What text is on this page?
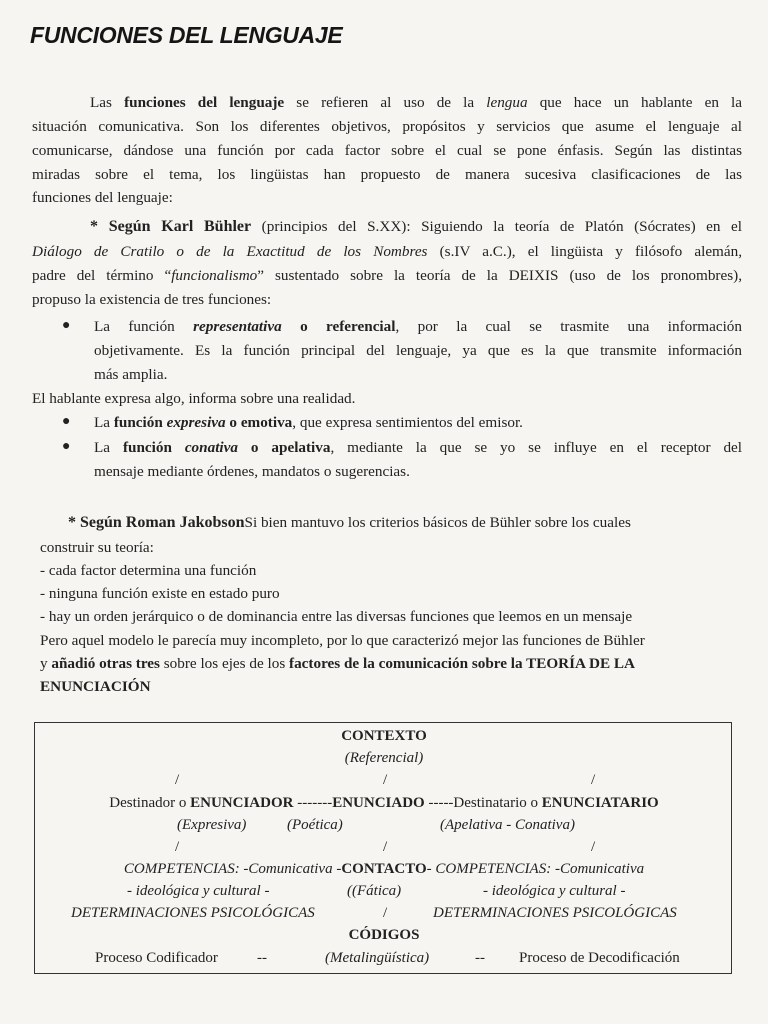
FUNCIONES DEL LENGUAJE
Las funciones del lenguaje se refieren al uso de la lengua que hace un hablante en la
situación comunicativa. Son los diferentes objetivos, propósitos y servicios que asume el lenguaje al
comunicarse, dándose una función por cada factor sobre el cual se pone énfasis. Según las distintas
miradas sobre el tema, los lingüistas han propuesto de manera sucesiva clasificaciones de las
funciones del lenguaje:
* Según Karl Bühler (principios del S.XX): Siguiendo la teoría de Platón (Sócrates) en el
Diálogo de Cratilo o de la Exactitud de los Nombres (s.IV a.C.), el lingüista y filósofo alemán,
padre del término “funcionalismo” sustentado sobre la teoría de la DEIXIS (uso de los pronombres),
propuso la existencia de tres funciones:
● La función representativa o referencial, por la cual se trasmite una información
objetivamente. Es la función principal del lenguaje, ya que es la que transmite información
más amplia.
El hablante expresa algo, informa sobre una realidad.
● La función expresiva o emotiva, que expresa sentimientos del emisor.
● La función conativa o apelativa, mediante la que se yo se influye en el receptor del
mensaje mediante órdenes, mandatos o sugerencias.
* Según Roman JakobsonSi bien mantuvo los criterios básicos de Bühler sobre los cuales
construir su teoría:
- cada factor determina una función
- ninguna función existe en estado puro
- hay un orden jerárquico o de dominancia entre las diversas funciones que leemos en un mensaje
Pero aquel modelo le parecía muy incompleto, por lo que caracterizó mejor las funciones de Bühler
y añadió otras tres sobre los ejes de los factores de la comunicación sobre la TEORÍA DE LA
ENUNCIACIÓN
CONTEXTO
(Referencial)
/	/	/
Destinador o ENUNCIADOR -------ENUNCIADO -----Destinatario o ENUNCIATARIO
(Expresiva)	(Poética)	(Apelativa - Conativa)
/	/	/
COMPETENCIAS: -Comunicativa -CONTACTO- COMPETENCIAS: -Comunicativa
- ideológica y cultural -	((Fática)	- ideológica y cultural -
DETERMINACIONES PSICOLÓGICAS	/	DETERMINACIONES PSICOLÓGICAS
CÓDIGOS
Proceso Codificador	--	(Metalingüística)	-- Proceso de Decodificación
